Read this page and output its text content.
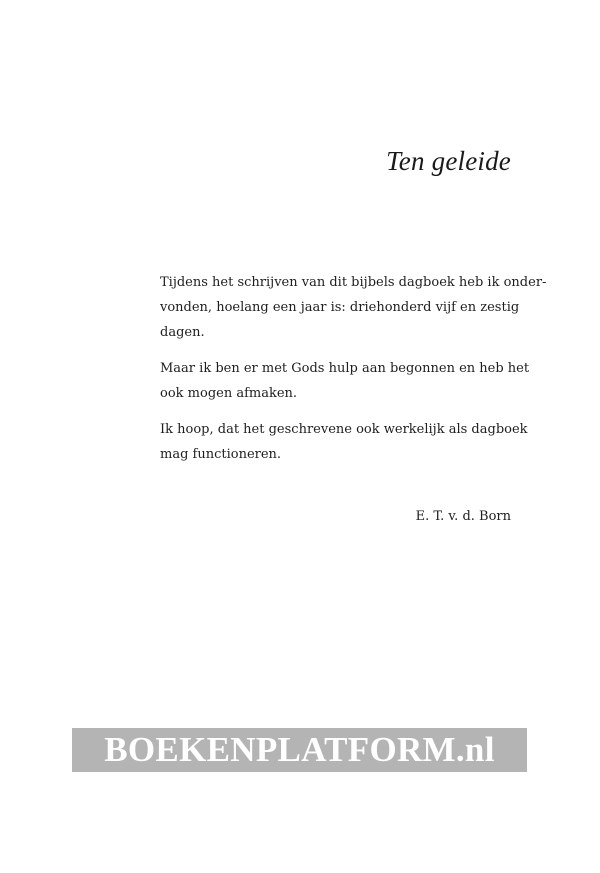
Ten geleide

Tijdens het schrijven van dit bijbels dagboek heb ik onder-
vonden, hoelang een jaar is: driehonderd vijf en zestig
dagen.

Maar ik ben er met Gods hulp aan begonnen en heb het
ook mogen afmaken.

Ik hoop, dat het geschrevene ook werkelijk als dagboek
mag functioneren.

E. T. v. d. Born
BOEKENPLATFORM.nl
